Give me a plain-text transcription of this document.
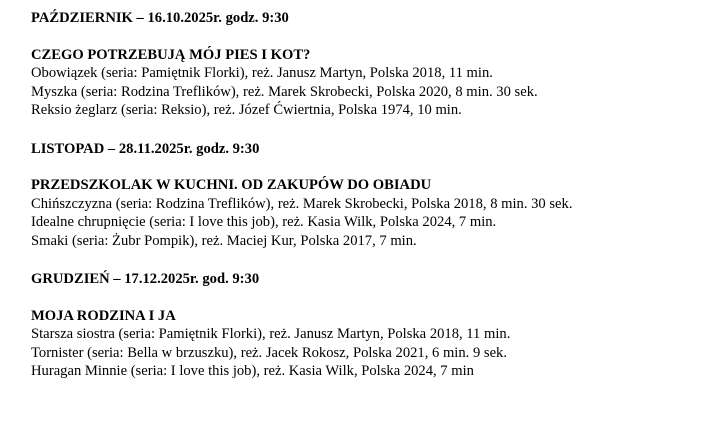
PAŹDZIERNIK – 16.10.2025r. godz. 9:30
CZEGO POTRZEBUJĄ MÓJ PIES I KOT?
Obowiązek (seria: Pamiętnik Florki), reż. Janusz Martyn, Polska 2018, 11 min.
Myszka (seria: Rodzina Treflików), reż. Marek Skrobecki, Polska 2020, 8 min. 30 sek.
Reksio żeglarz (seria: Reksio), reż. Józef Ćwiertnia, Polska 1974, 10 min.
LISTOPAD – 28.11.2025r. godz. 9:30
PRZEDSZKOLAK W KUCHNI. OD ZAKUPÓW DO OBIADU
Chińszczyzna (seria: Rodzina Treflików), reż. Marek Skrobecki, Polska 2018, 8 min. 30 sek.
Idealne chrupnięcie (seria: I love this job), reż. Kasia Wilk, Polska 2024, 7 min.
Smaki (seria: Żubr Pompik), reż. Maciej Kur, Polska 2017, 7 min.
GRUDZIEŃ – 17.12.2025r. god. 9:30
MOJA RODZINA I JA
Starsza siostra (seria: Pamiętnik Florki), reż. Janusz Martyn, Polska 2018, 11 min.
Tornister (seria: Bella w brzuszku), reż. Jacek Rokosz, Polska 2021, 6 min. 9 sek.
Huragan Minnie (seria: I love this job), reż. Kasia Wilk, Polska 2024, 7 min
